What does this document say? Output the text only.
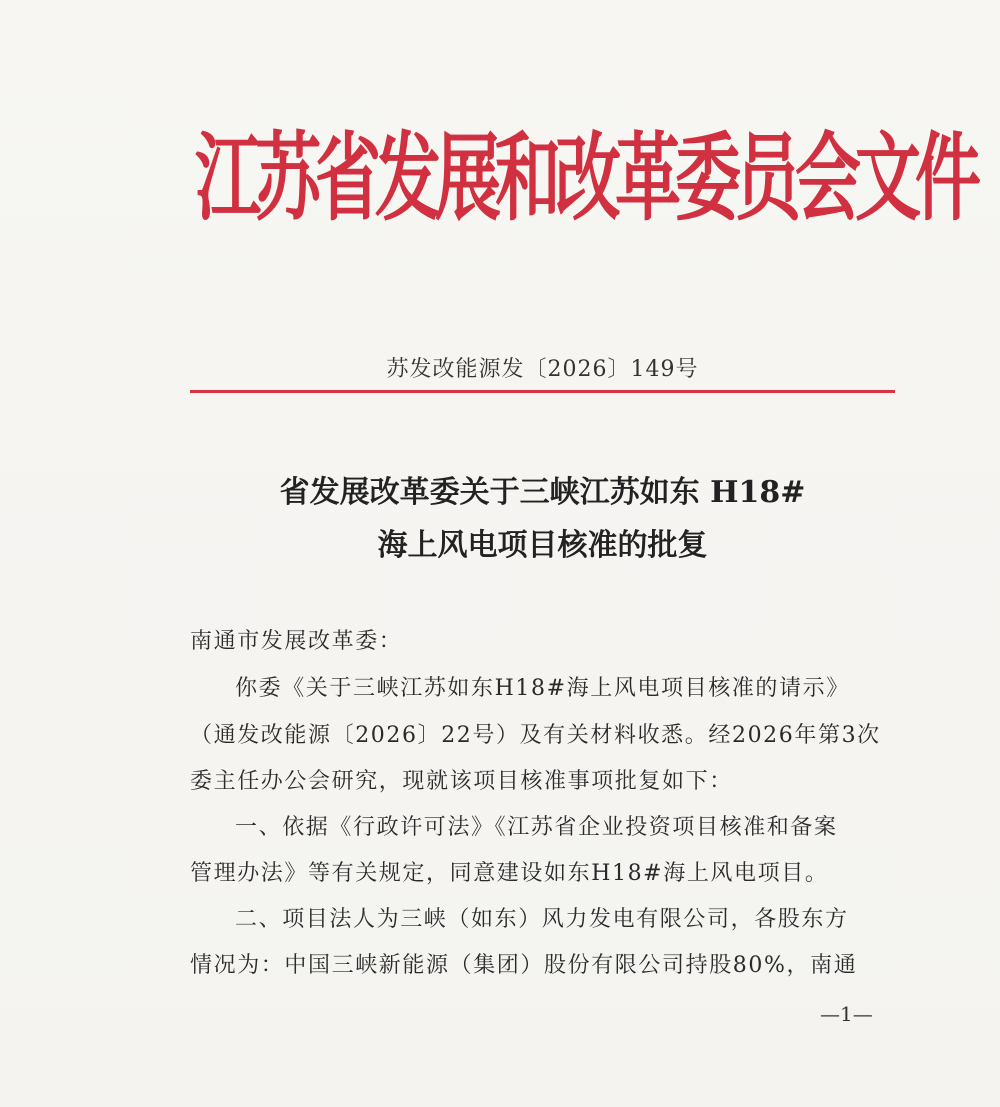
江苏省发展和改革委员会文件
苏发改能源发〔2026〕149号
省发展改革委关于三峡江苏如东 H18#
海上风电项目核准的批复
南通市发展改革委：
你委《关于三峡江苏如东H18#海上风电项目核准的请示》
（通发改能源〔2026〕22号）及有关材料收悉。经2026年第3次
委主任办公会研究，现就该项目核准事项批复如下：
一、依据《行政许可法》《江苏省企业投资项目核准和备案
管理办法》等有关规定，同意建设如东H18#海上风电项目。
二、项目法人为三峡（如东）风力发电有限公司，各股东方
情况为：中国三峡新能源（集团）股份有限公司持股80%，南通
—1—
